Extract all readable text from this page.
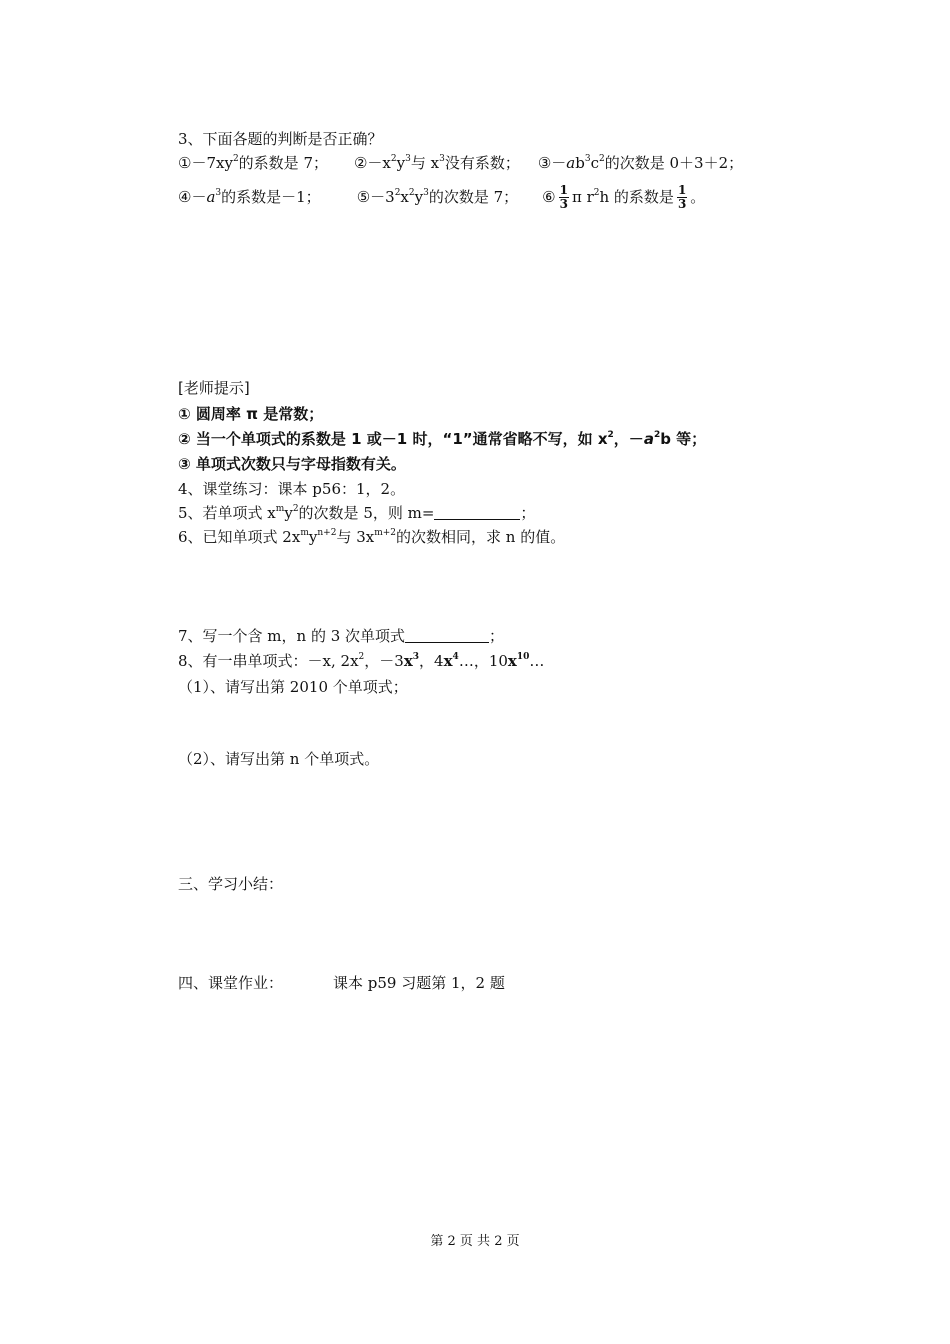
3、下面各题的判断是否正确？
$①-7xy^2$的系数是 7； $②-x^2y^3$与 $x^3$没有系数； $③-ab^3c^2$的次数是 0＋3＋2；
$④-a^3$的系数是－1； $⑤-3^2x^2y^3$的次数是 7； ⑥ $\frac{1}{3}$ π $r^2h$ 的系数是 $\frac{1}{3}$ 。
[老师提示]
① 圆周率 π 是常数；
② 当一个单项式的系数是 1 或－1 时，“1”通常省略不写，如 $x^2$，$-a^2b$ 等；
③ 单项式次数只与字母指数有关。
4、课堂练习：课本 p56：1，2。
5、若单项式 $x^my^2$的次数是 5，则 m=	；
6、已知单项式 $2x^my^{n+2}$与 $3x^{m+2}$的次数相同，求 n 的值。
7、写一个含 m，n 的 3 次单项式	；
8、有一串单项式：－x, $2x^2$，$-3x^3$，$4x^4\dots$，$10x^{10}\dots$
（1）、请写出第 2010 个单项式；
（2）、请写出第 n 个单项式。
三、学习小结：
四、课堂作业：	课本 p59 习题第 1，2 题
第 2 页 共 2 页
